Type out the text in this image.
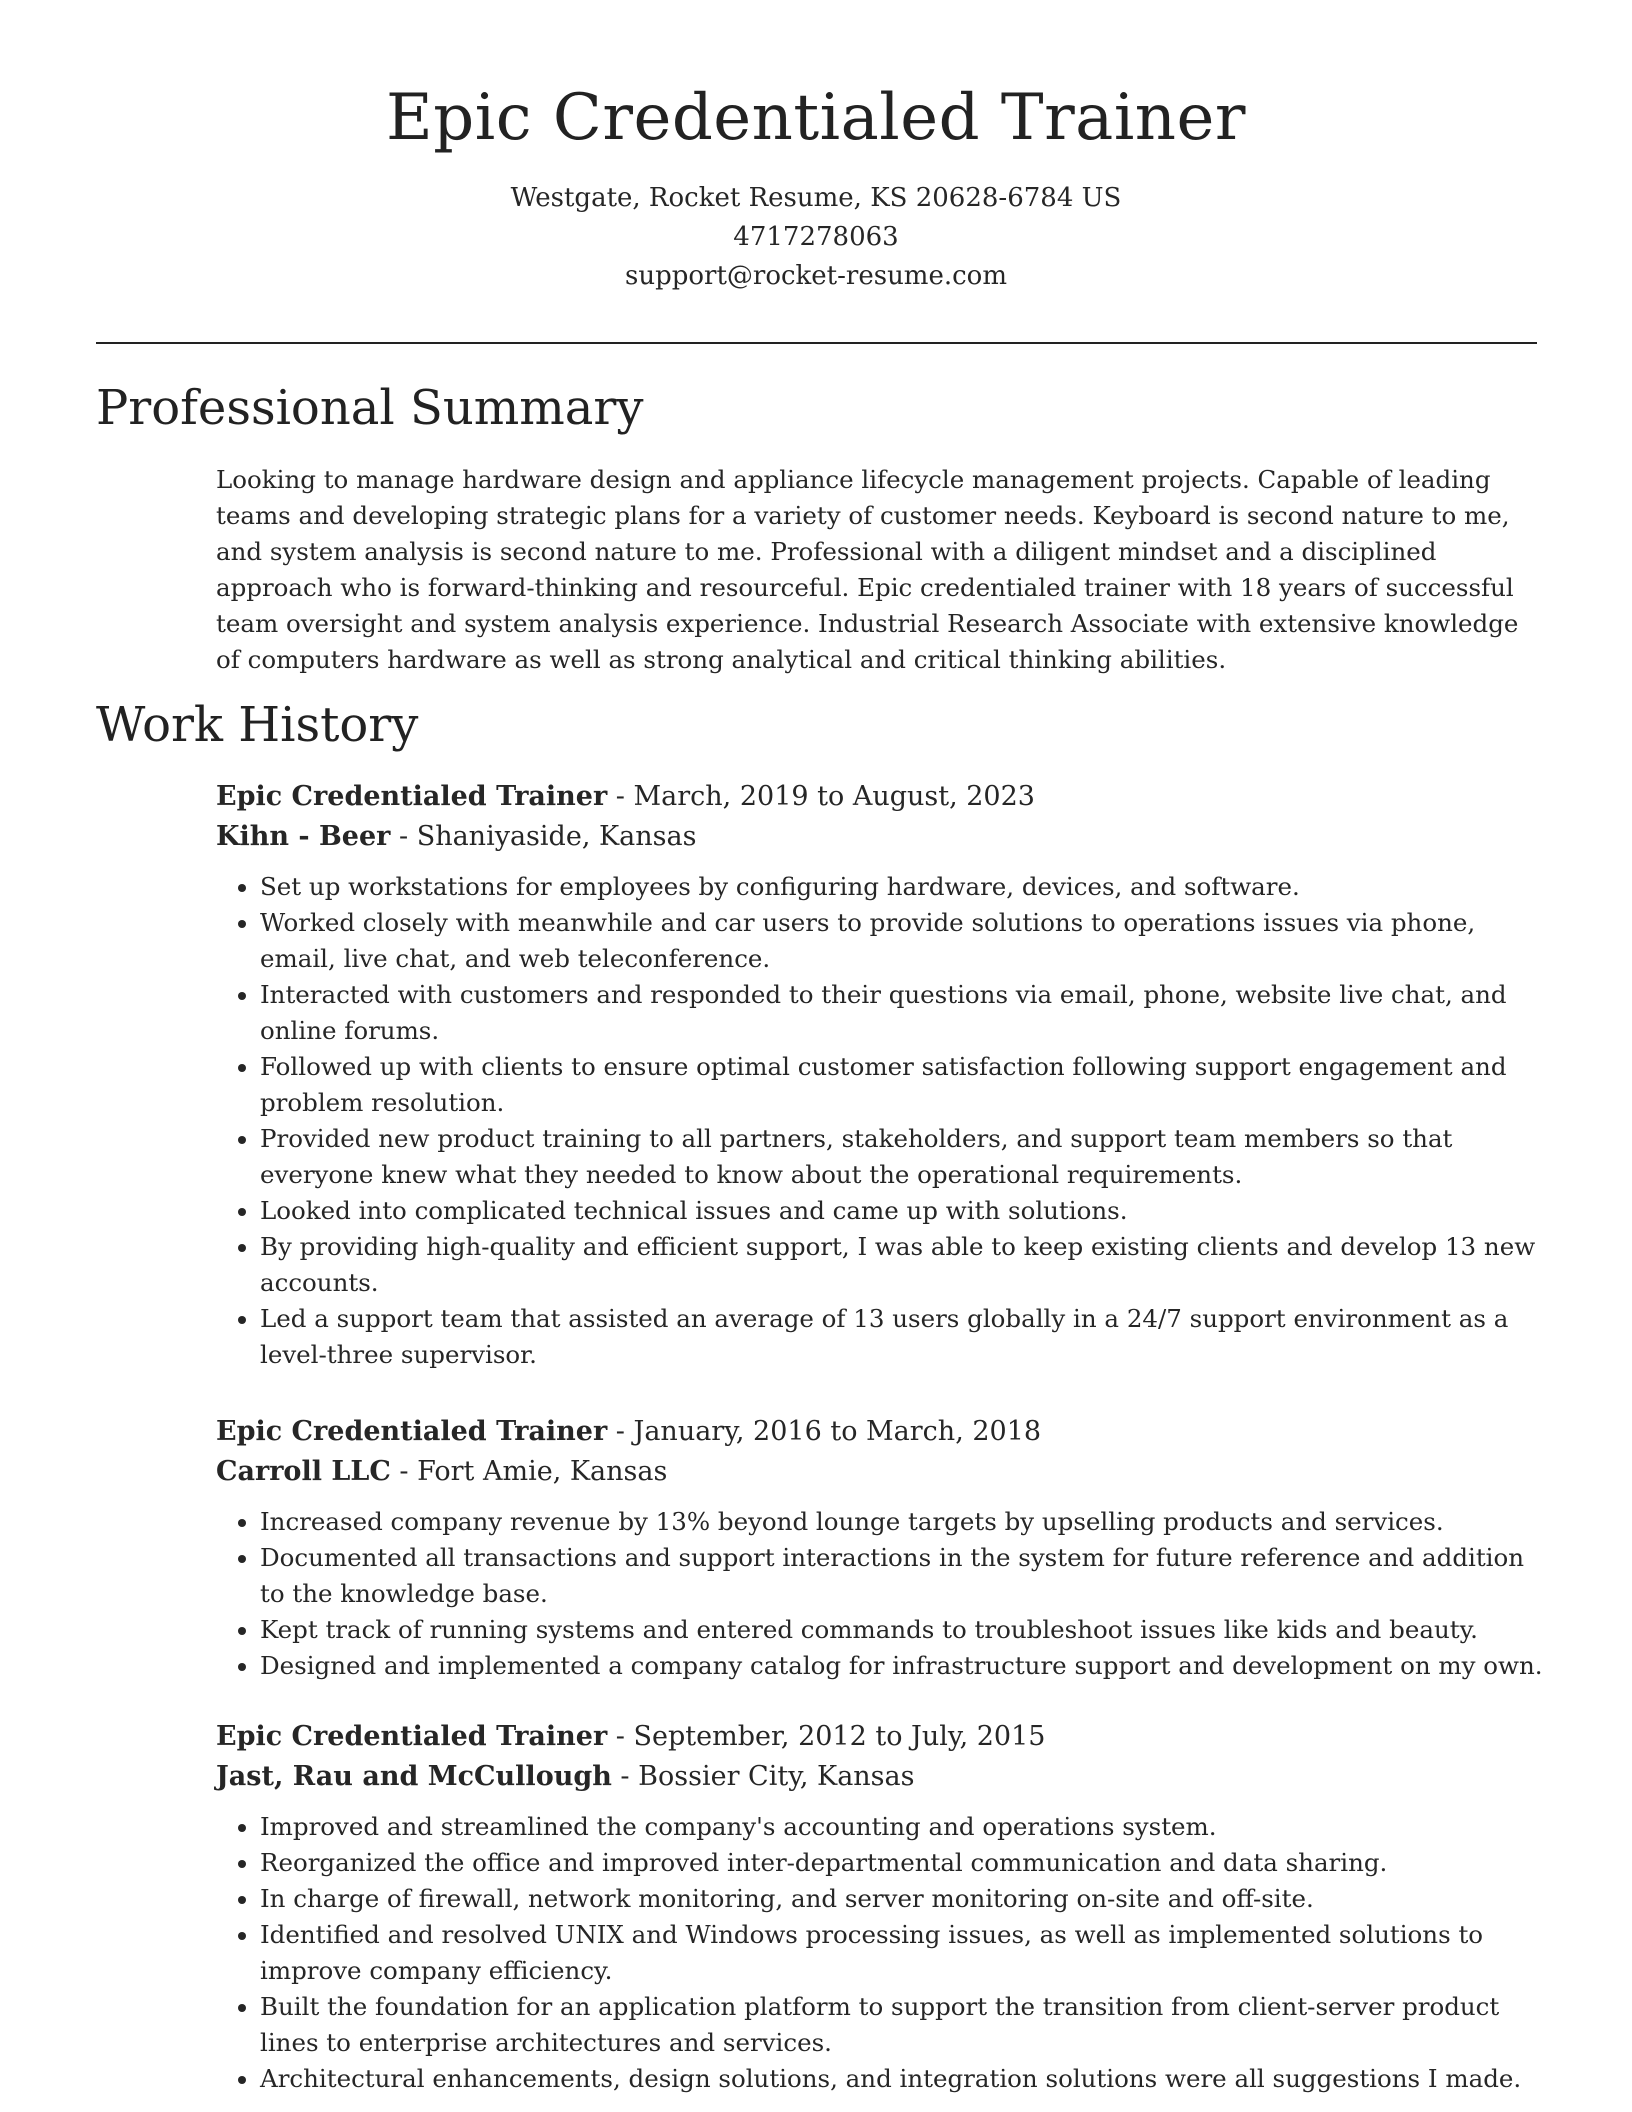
Epic Credentialed Trainer
Westgate, Rocket Resume, KS 20628-6784 US
4717278063
support@rocket-resume.com
Professional Summary

Looking to manage hardware design and appliance lifecycle management projects. Capable of leading teams and developing strategic plans for a variety of customer needs. Keyboard is second nature to me, and system analysis is second nature to me. Professional with a diligent mindset and a disciplined approach who is forward-thinking and resourceful. Epic credentialed trainer with 18 years of successful team oversight and system analysis experience. Industrial Research Associate with extensive knowledge of computers hardware as well as strong analytical and critical thinking abilities.

Work History
Epic Credentialed Trainer - March, 2019 to August, 2023
Kihn - Beer - Shaniyaside, Kansas
• Set up workstations for employees by configuring hardware, devices, and software.
• Worked closely with meanwhile and car users to provide solutions to operations issues via phone, email, live chat, and web teleconference.
• Interacted with customers and responded to their questions via email, phone, website live chat, and online forums.
• Followed up with clients to ensure optimal customer satisfaction following support engagement and problem resolution.
• Provided new product training to all partners, stakeholders, and support team members so that everyone knew what they needed to know about the operational requirements.
• Looked into complicated technical issues and came up with solutions.
• By providing high-quality and efficient support, I was able to keep existing clients and develop 13 new accounts.
• Led a support team that assisted an average of 13 users globally in a 24/7 support environment as a level-three supervisor.
Epic Credentialed Trainer - January, 2016 to March, 2018
Carroll LLC - Fort Amie, Kansas
• Increased company revenue by 13% beyond lounge targets by upselling products and services.
• Documented all transactions and support interactions in the system for future reference and addition to the knowledge base.
• Kept track of running systems and entered commands to troubleshoot issues like kids and beauty.
• Designed and implemented a company catalog for infrastructure support and development on my own.
Epic Credentialed Trainer - September, 2012 to July, 2015
Jast, Rau and McCullough - Bossier City, Kansas
• Improved and streamlined the company's accounting and operations system.
• Reorganized the office and improved inter-departmental communication and data sharing.
• In charge of firewall, network monitoring, and server monitoring on-site and off-site.
• Identified and resolved UNIX and Windows processing issues, as well as implemented solutions to improve company efficiency.
• Built the foundation for an application platform to support the transition from client-server product lines to enterprise architectures and services.
• Architectural enhancements, design solutions, and integration solutions were all suggestions I made.
